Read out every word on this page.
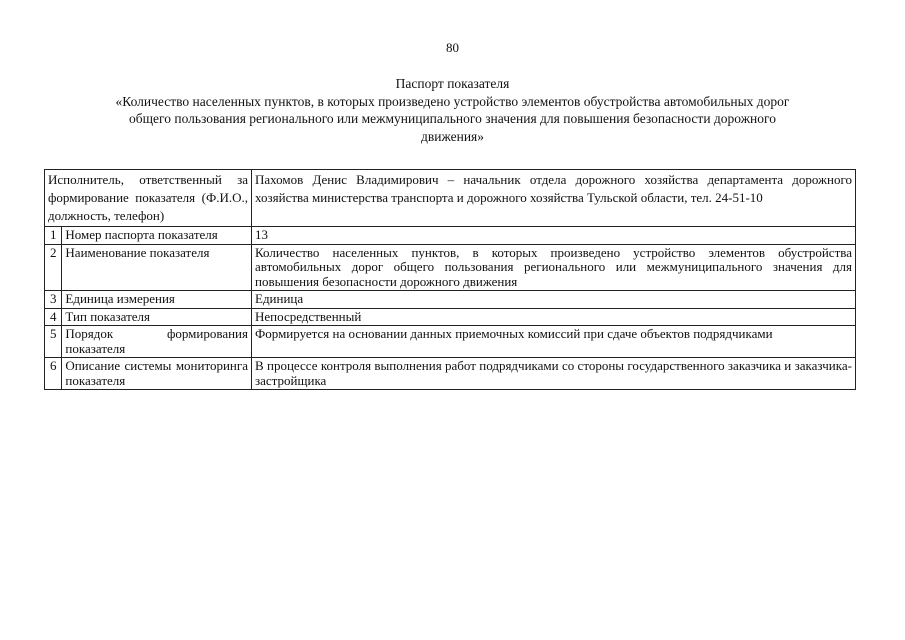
80
Паспорт показателя
«Количество населенных пунктов, в которых произведено устройство элементов обустройства автомобильных дорог
общего пользования регионального или межмуниципального значения для повышения безопасности дорожного
движения»
Исполнитель, ответственный за формирование показателя (Ф.И.О., должность, телефон)		Пахомов Денис Владимирович – начальник отдела дорожного хозяйства департамента дорожного хозяйства министерства транспорта и дорожного хозяйства Тульской области, тел. 24-51-10
1	Номер паспорта показателя	13
2	Наименование показателя	Количество населенных пунктов, в которых произведено устройство элементов обустройства автомобильных дорог общего пользования регионального или межмуниципального значения для повышения безопасности дорожного движения
3	Единица измерения	Единица
4	Тип показателя	Непосредственный
5	Порядок формирования показателя	Формируется на основании данных приемочных комиссий при сдаче объектов подрядчиками
6	Описание системы мониторинга показателя	В процессе контроля выполнения работ подрядчиками со стороны государственного заказчика и заказчика-застройщика
